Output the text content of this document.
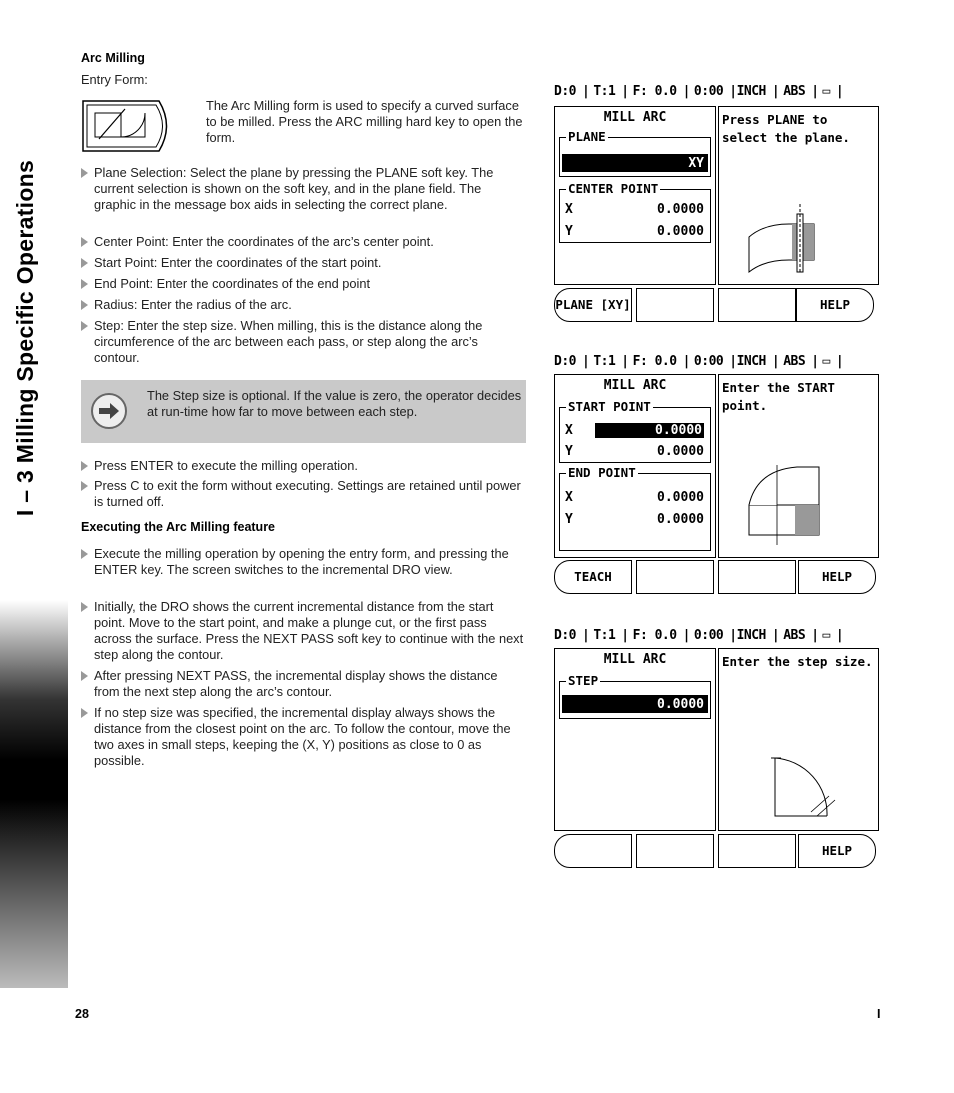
I – 3 Milling Specific Operations
Arc Milling
Entry Form:
The Arc Milling form is used to specify a curved surface to be milled. Press the ARC milling hard key to open the form.
Plane Selection: Select the plane by pressing the PLANE soft key. The current selection is shown on the soft key, and in the plane field. The graphic in the message box aids in selecting the correct plane.
Center Point: Enter the coordinates of the arc’s center point.
Start Point: Enter the coordinates of the start point.
End Point: Enter the coordinates of the end point
Radius: Enter the radius of the arc.
Step: Enter the step size. When milling, this is the distance along the circumference of the arc between each pass, or step along the arc’s contour.
The Step size is optional. If the value is zero, the operator decides at run-time how far to move between each step.
Press ENTER to execute the milling operation.
Press C to exit the form without executing. Settings are retained until power is turned off.
Executing the Arc Milling feature
Execute the milling operation by opening the entry form, and pressing the ENTER key. The screen switches to the incremental DRO view.
Initially, the DRO shows the current incremental distance from the start point. Move to the start point, and make a plunge cut, or the first pass across the surface. Press the NEXT PASS soft key to continue with the next step along the contour.
After pressing NEXT PASS, the incremental display shows the distance from the next step along the arc’s contour.
If no step size was specified, the incremental display always shows the distance from the closest point on the arc. To follow the contour, move the two axes in small steps, keeping the (X, Y) positions as close to 0 as possible.
D:0 | T:1 | F: 0.0 | 0:00 |INCH | ABS | ▭ |
MILL ARC
PLANE
XY
CENTER POINT
X	0.0000
Y	0.0000
Press PLANE to select the plane.
PLANE [XY]	HELP
D:0 | T:1 | F: 0.0 | 0:00 |INCH | ABS | ▭ |
MILL ARC
START POINT
X	0.0000
Y	0.0000
END POINT
X	0.0000
Y	0.0000
Enter the START point.
TEACH	HELP
D:0 | T:1 | F: 0.0 | 0:00 |INCH | ABS | ▭ |
MILL ARC
STEP
0.0000
Enter the step size.
HELP
28	I
